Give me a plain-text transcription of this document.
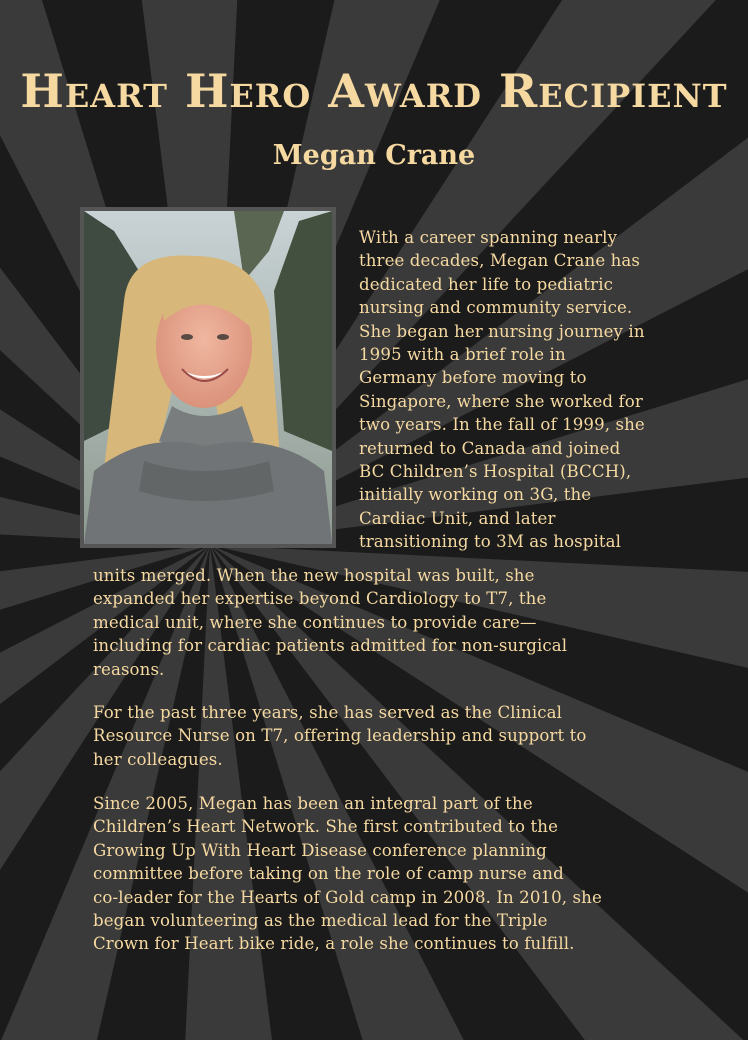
Heart Hero Award Recipient
Megan Crane
With a career spanning nearly
three decades, Megan Crane has
dedicated her life to pediatric
nursing and community service.
She began her nursing journey in
1995 with a brief role in
Germany before moving to
Singapore, where she worked for
two years. In the fall of 1999, she
returned to Canada and joined
BC Children’s Hospital (BCCH),
initially working on 3G, the
Cardiac Unit, and later
transitioning to 3M as hospital
units merged. When the new hospital was built, she
expanded her expertise beyond Cardiology to T7, the
medical unit, where she continues to provide care—
including for cardiac patients admitted for non-surgical
reasons.
For the past three years, she has served as the Clinical
Resource Nurse on T7, offering leadership and support to
her colleagues.
Since 2005, Megan has been an integral part of the
Children’s Heart Network. She first contributed to the
Growing Up With Heart Disease conference planning
committee before taking on the role of camp nurse and
co-leader for the Hearts of Gold camp in 2008. In 2010, she
began volunteering as the medical lead for the Triple
Crown for Heart bike ride, a role she continues to fulfill.
